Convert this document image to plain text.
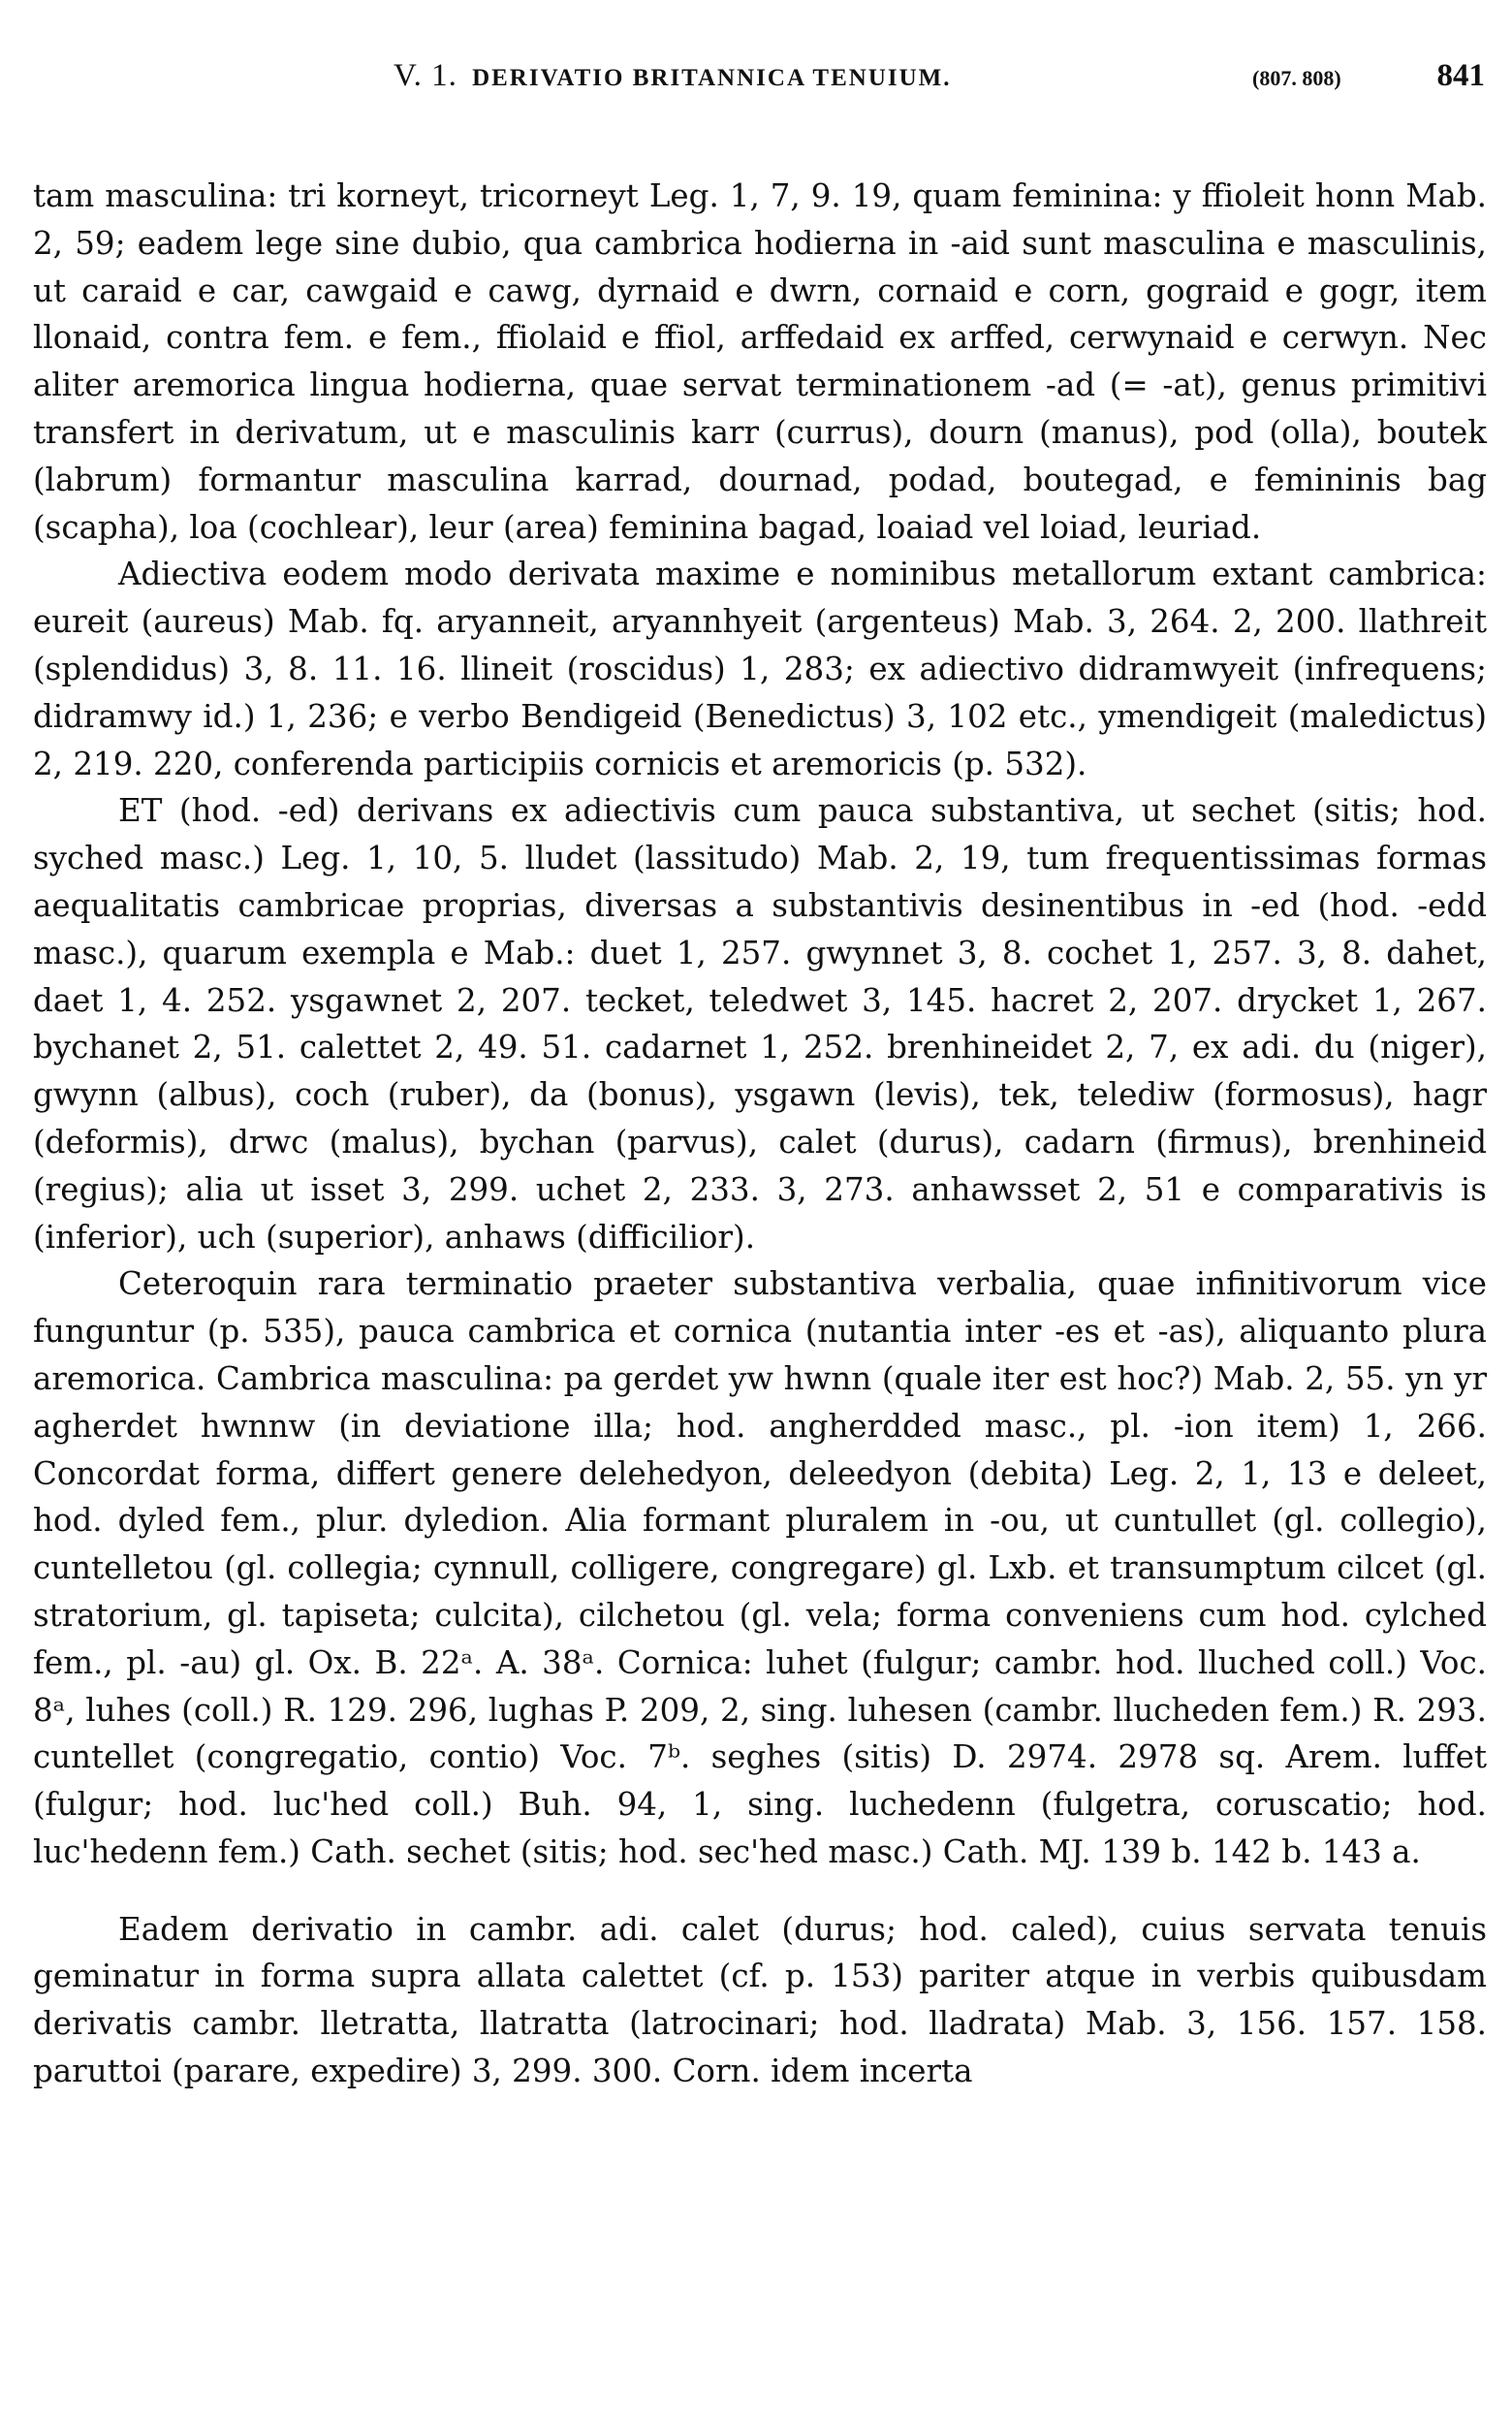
V. 1. DERIVATIO BRITANNICA TENUIUM.	(807. 808)	841

tam masculina: tri korneyt, tricorneyt Leg. 1, 7, 9. 19, quam feminina: y ffioleit honn Mab. 2, 59; eadem lege sine dubio, qua cambrica hodierna in -aid sunt masculina e masculinis, ut caraid e car, cawgaid e cawg, dyrnaid e dwrn, cornaid e corn, gograid e gogr, item llonaid, contra fem. e fem., ffiolaid e ffiol, arffedaid ex arffed, cerwynaid e cerwyn. Nec aliter aremorica lingua hodierna, quae servat terminationem -ad (= -at), genus primitivi transfert in derivatum, ut e masculinis karr (currus), dourn (manus), pod (olla), boutek (labrum) formantur masculina karrad, dournad, podad, boutegad, e femininis bag (scapha), loa (cochlear), leur (area) feminina bagad, loaiad vel loiad, leuriad.

Adiectiva eodem modo derivata maxime e nominibus metallorum extant cambrica: eureit (aureus) Mab. fq. aryanneit, aryannhyeit (argenteus) Mab. 3, 264. 2, 200. llathreit (splendidus) 3, 8. 11. 16. llineit (roscidus) 1, 283; ex adiectivo didramwyeit (infrequens; didramwy id.) 1, 236; e verbo Bendigeid (Benedictus) 3, 102 etc., ymendigeit (maledictus) 2, 219. 220, conferenda participiis cornicis et aremoricis (p. 532).

ET (hod. -ed) derivans ex adiectivis cum pauca substantiva, ut sechet (sitis; hod. syched masc.) Leg. 1, 10, 5. lludet (lassitudo) Mab. 2, 19, tum frequentissimas formas aequalitatis cambricae proprias, diversas a substantivis desinentibus in -ed (hod. -edd masc.), quarum exempla e Mab.: duet 1, 257. gwynnet 3, 8. cochet 1, 257. 3, 8. dahet, daet 1, 4. 252. ysgawnet 2, 207. tecket, teledwet 3, 145. hacret 2, 207. drycket 1, 267. bychanet 2, 51. calettet 2, 49. 51. cadarnet 1, 252. brenhineidet 2, 7, ex adi. du (niger), gwynn (albus), coch (ruber), da (bonus), ysgawn (levis), tek, telediw (formosus), hagr (deformis), drwc (malus), bychan (parvus), calet (durus), cadarn (firmus), brenhineid (regius); alia ut isset 3, 299. uchet 2, 233. 3, 273. anhawsset 2, 51 e comparativis is (inferior), uch (superior), anhaws (difficilior).

Ceteroquin rara terminatio praeter substantiva verbalia, quae infinitivorum vice funguntur (p. 535), pauca cambrica et cornica (nutantia inter -es et -as), aliquanto plura aremorica. Cambrica masculina: pa gerdet yw hwnn (quale iter est hoc?) Mab. 2, 55. yn yr agherdet hwnnw (in deviatione illa; hod. angherdded masc., pl. -ion item) 1, 266. Concordat forma, differt genere delehedyon, deleedyon (debita) Leg. 2, 1, 13 e deleet, hod. dyled fem., plur. dyledion. Alia formant pluralem in -ou, ut cuntullet (gl. collegio), cuntelletou (gl. collegia; cynnull, colligere, congregare) gl. Lxb. et transumptum cilcet (gl. stratorium, gl. tapiseta; culcita), cilchetou (gl. vela; forma conveniens cum hod. cylched fem., pl. -au) gl. Ox. B. 22ᵃ. A. 38ᵃ. Cornica: luhet (fulgur; cambr. hod. lluched coll.) Voc. 8ᵃ, luhes (coll.) R. 129. 296, lughas P. 209, 2, sing. luhesen (cambr. llucheden fem.) R. 293. cuntellet (congregatio, contio) Voc. 7ᵇ. seghes (sitis) D. 2974. 2978 sq. Arem. luffet (fulgur; hod. luc'hed coll.) Buh. 94, 1, sing. luchedenn (fulgetra, coruscatio; hod. luc'hedenn fem.) Cath. sechet (sitis; hod. sec'hed masc.) Cath. MJ. 139 b. 142 b. 143 a.

Eadem derivatio in cambr. adi. calet (durus; hod. caled), cuius servata tenuis geminatur in forma supra allata calettet (cf. p. 153) pariter atque in verbis quibusdam derivatis cambr. lletratta, llatratta (latrocinari; hod. lladrata) Mab. 3, 156. 157. 158. paruttoi (parare, expedire) 3, 299. 300. Corn. idem incerta
